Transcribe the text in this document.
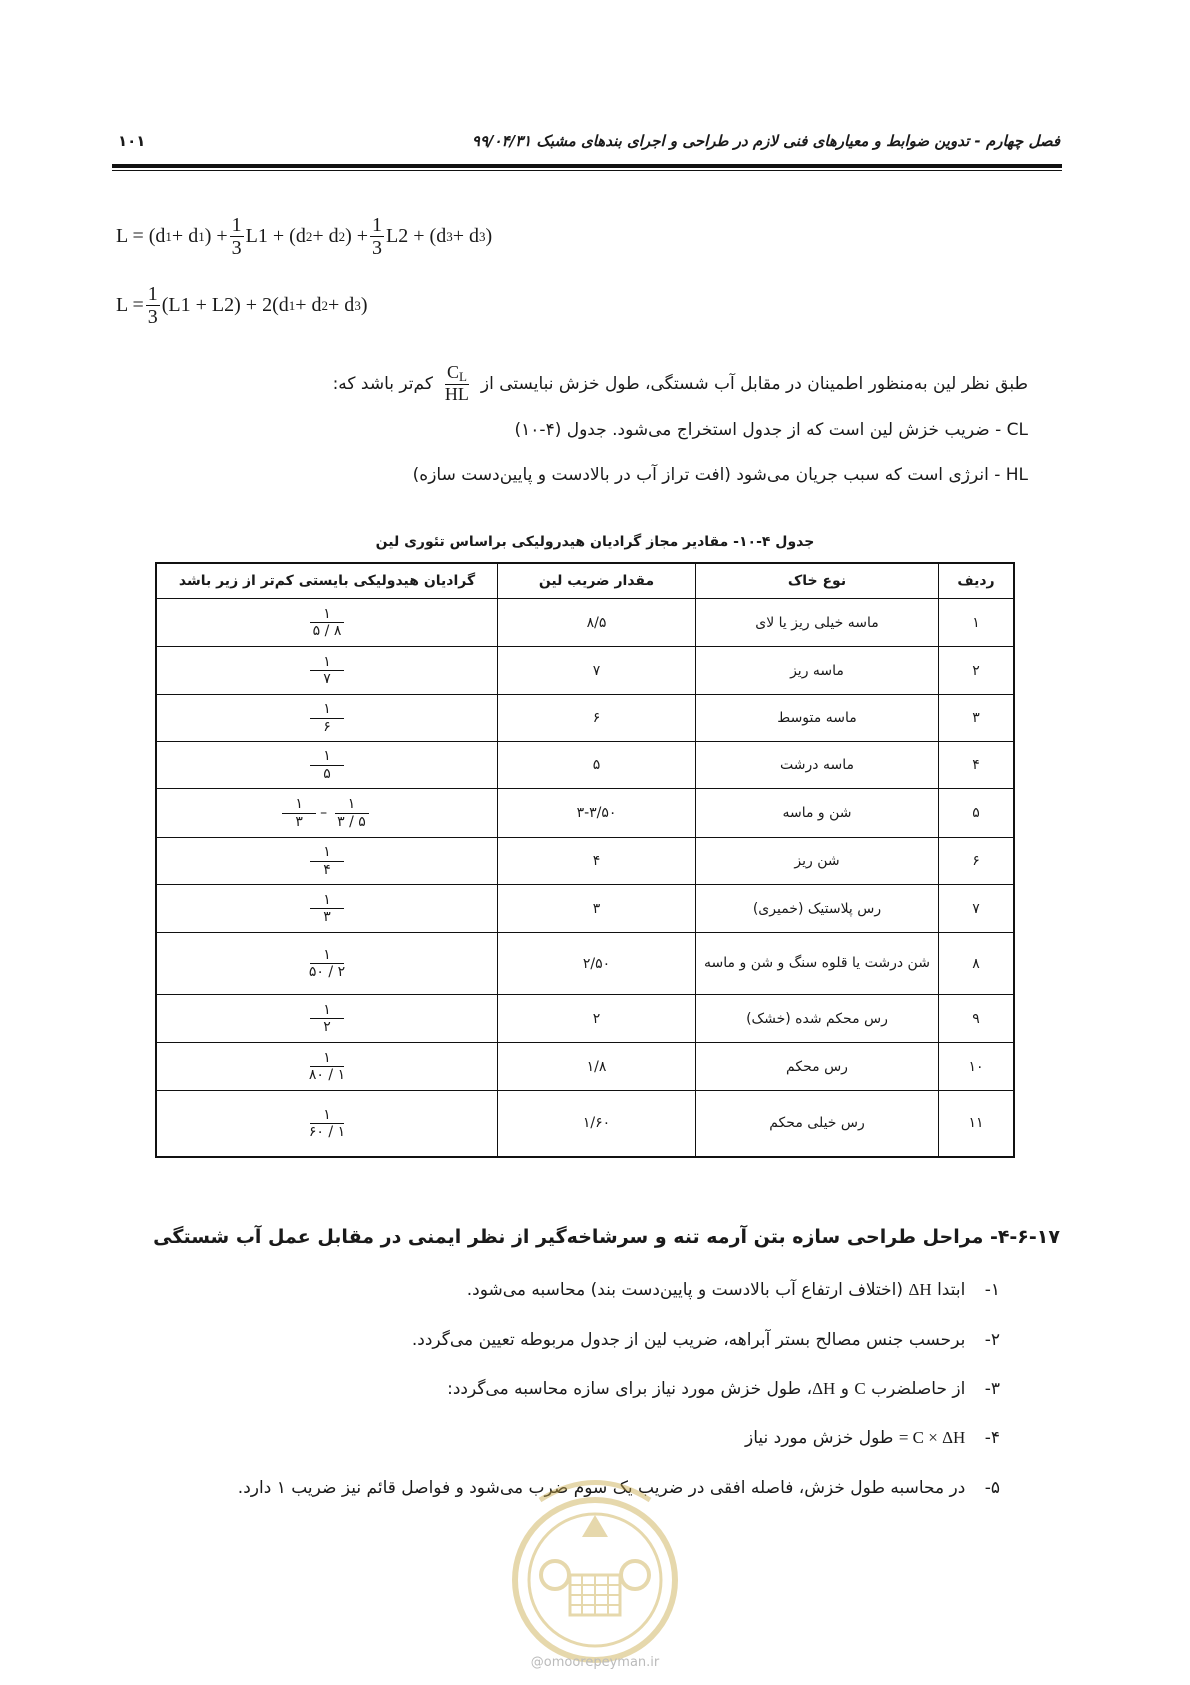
فصل چهارم - تدوین ضوابط و معیارهای فنی لازم در طراحی و اجرای بندهای مشبک ۹۹/۰۴/۳۱
۱۰۱
L = (d 1 + d 1 ) + $\frac{1}{3} L1 + (d$ 2 + d 2 ) + $\frac{1}{3} L2 + (d$ 3 + d 3 )
$L = \frac{1}{3} (L1 + L2) + 2(d$ 1 + d 2 + d 3 )
طبق نظر لین به‌منظور اطمینان در مقابل آب شستگی، طول خزش نبایستی از
$\frac{C_L}{HL}$
کم‌تر باشد که:
CL - ضریب خزش لین است که از جدول استخراج می‌شود. جدول (۴-۱۰)
HL - انرژی است که سبب جریان می‌شود (افت تراز آب در بالادست و پایین‌دست سازه)
جدول ۴-۱۰- مقادیر مجاز گرادیان هیدرولیکی براساس تئوری لین
ردیف	نوع خاک	مقدار ضریب لین	گرادیان هیدولیکی بایستی کم‌تر از زیر باشد
۱	ماسه خیلی ریز یا لای	۸/۵	$\frac{۱}{۸ / ۵}$

۲	ماسه ریز	۷	$\frac{۱}{۷}$

۳	ماسه متوسط	۶	$\frac{۱}{۶}$

۴	ماسه درشت	۵	$\frac{۱}{۵}$

۵	شن و ماسه	۳-۳/۵۰	$\frac{۱}{۳} - \frac{۱}{۳ / ۵}$

۶	شن ریز	۴	$\frac{۱}{۴}$

۷	رس پلاستیک (خمیری)	۳	$\frac{۱}{۳}$

۸	شن درشت یا قلوه سنگ و شن و ماسه	۲/۵۰	$\frac{۱}{۲ / ۵۰}$

۹	رس محکم شده (خشک)	۲	$\frac{۱}{۲}$

۱۰	رس محکم	۱/۸	$\frac{۱}{۱ / ۸۰}$

۱۱	رس خیلی محکم	۱/۶۰	$\frac{۱}{۱ / ۶۰}$
۴-۶-۱۷- مراحل طراحی سازه بتن آرمه تنه و سرشاخه‌گیر از نظر ایمنی در مقابل عمل آب شستگی
۱- ابتدا ΔH (اختلاف ارتفاع آب بالادست و پایین‌دست بند) محاسبه می‌شود.
۲- برحسب جنس مصالح بستر آبراهه، ضریب لین از جدول مربوطه تعیین می‌گردد.
۳- از حاصلضرب C و ΔH، طول خزش مورد نیاز برای سازه محاسبه می‌گردد:
۴- = C × ΔH طول خزش مورد نیاز
۵- در محاسبه طول خزش، فاصله افقی در ضریب یک سوم ضرب می‌شود و فواصل قائم نیز ضریب ۱ دارد.
@omoorepeyman.ir
